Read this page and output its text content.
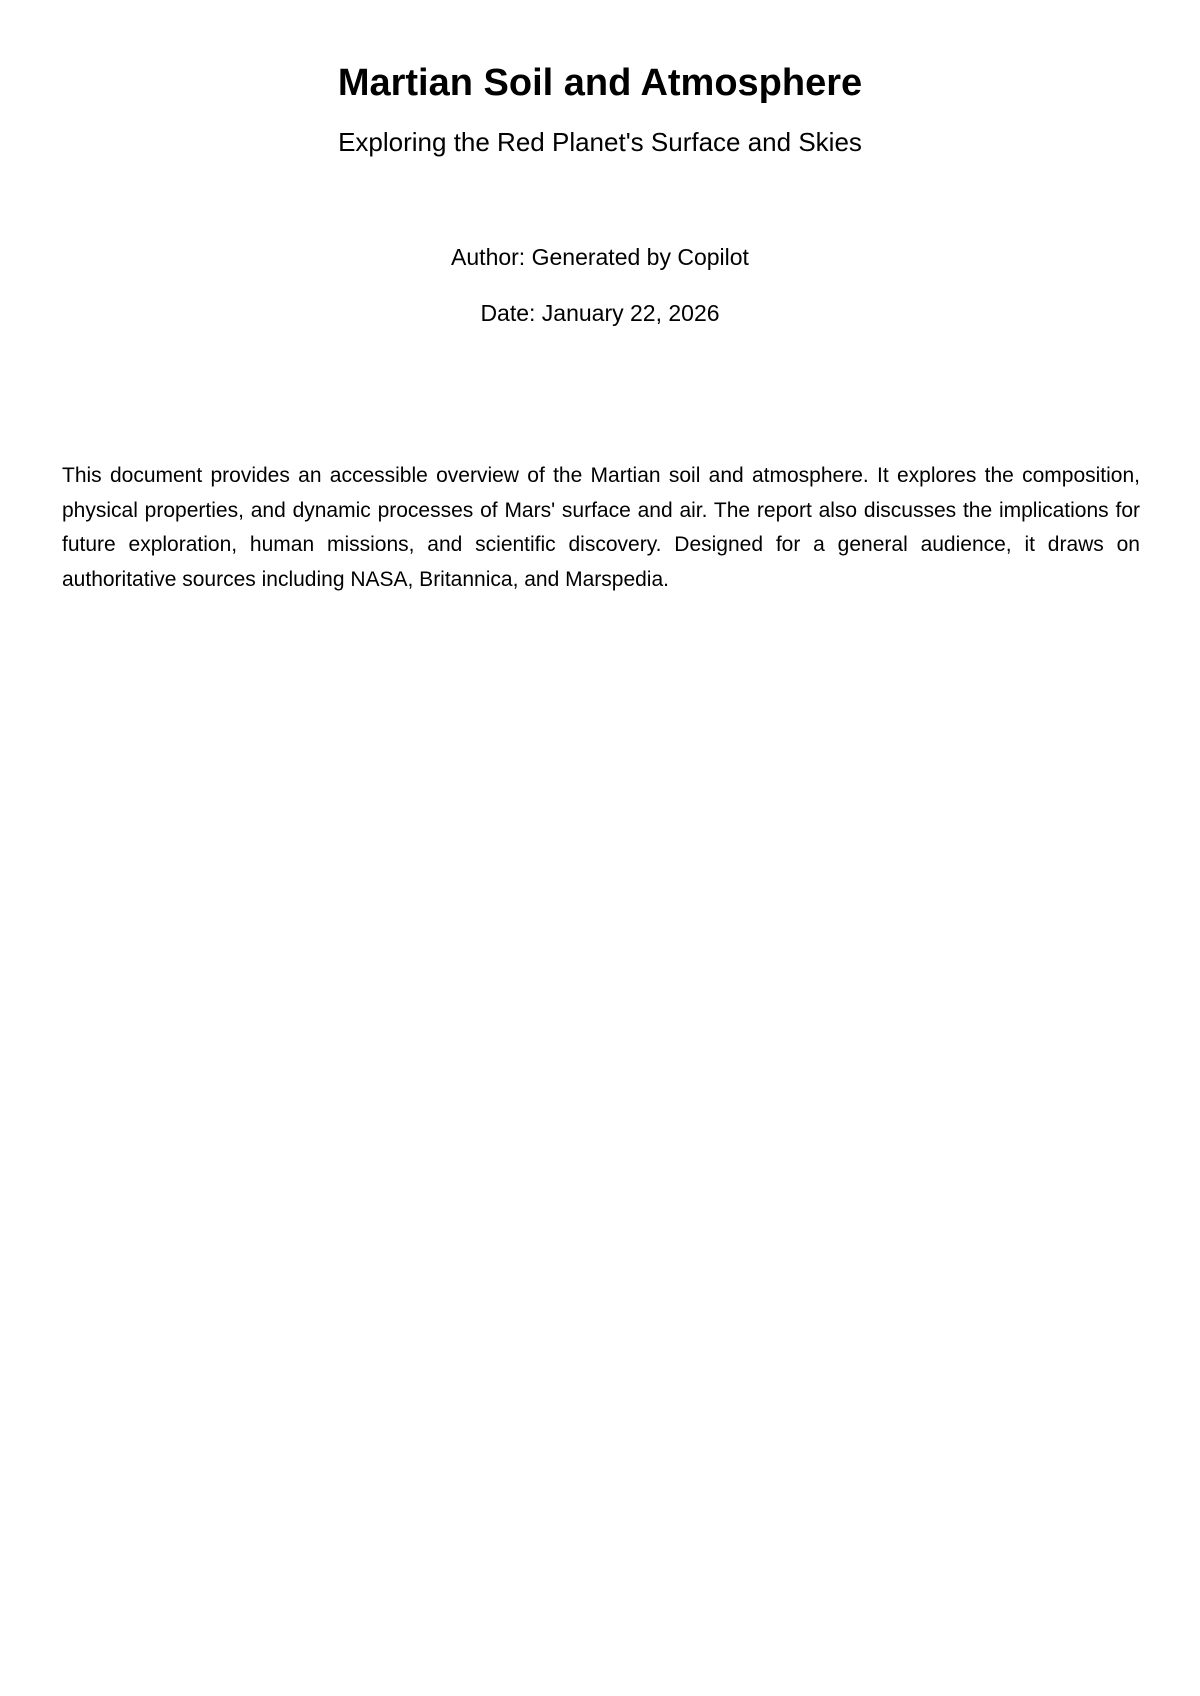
Martian Soil and Atmosphere

Exploring the Red Planet's Surface and Skies

Author: Generated by Copilot

Date: January 22, 2026

This document provides an accessible overview of the Martian soil and atmosphere. It explores the composition, physical properties, and dynamic processes of Mars' surface and air. The report also discusses the implications for future exploration, human missions, and scientific discovery. Designed for a general audience, it draws on authoritative sources including NASA, Britannica, and Marspedia.
